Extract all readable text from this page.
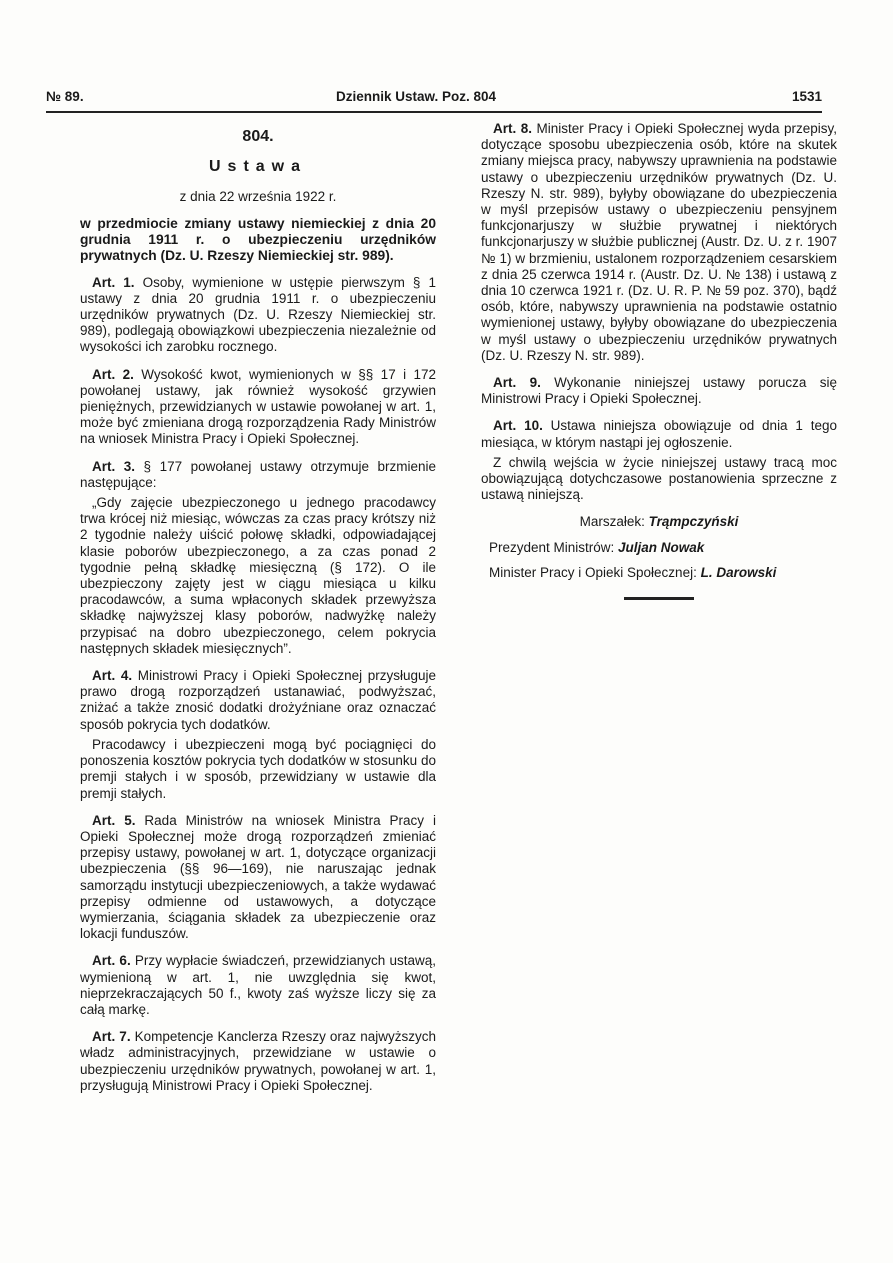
№ 89.	Dziennik Ustaw. Poz. 804	1531

804.

Ustawa

z dnia 22 września 1922 r.

w przedmiocie zmiany ustawy niemieckiej z dnia 20 grudnia 1911 r. o ubezpieczeniu urzędników prywatnych (Dz. U. Rzeszy Niemieckiej str. 989).

Art. 1. Osoby, wymienione w ustępie pierwszym § 1 ustawy z dnia 20 grudnia 1911 r. o ubezpieczeniu urzędników prywatnych (Dz. U. Rzeszy Niemieckiej str. 989), podlegają obowiązkowi ubezpieczenia niezależnie od wysokości ich zarobku rocznego.

Art. 2. Wysokość kwot, wymienionych w §§ 17 i 172 powołanej ustawy, jak również wysokość grzywien pieniężnych, przewidzianych w ustawie powołanej w art. 1, może być zmieniana drogą rozporządzenia Rady Ministrów na wniosek Ministra Pracy i Opieki Społecznej.

Art. 3. § 177 powołanej ustawy otrzymuje brzmienie następujące:

„Gdy zajęcie ubezpieczonego u jednego pracodawcy trwa krócej niż miesiąc, wówczas za czas pracy krótszy niż 2 tygodnie należy uiścić połowę składki, odpowiadającej klasie poborów ubezpieczonego, a za czas ponad 2 tygodnie pełną składkę miesięczną (§ 172). O ile ubezpieczony zajęty jest w ciągu miesiąca u kilku pracodawców, a suma wpłaconych składek przewyższa składkę najwyższej klasy poborów, nadwyżkę należy przypisać na dobro ubezpieczonego, celem pokrycia następnych składek miesięcznych”.

Art. 4. Ministrowi Pracy i Opieki Społecznej przysługuje prawo drogą rozporządzeń ustanawiać, podwyższać, zniżać a także znosić dodatki drożyźniane oraz oznaczać sposób pokrycia tych dodatków.

Pracodawcy i ubezpieczeni mogą być pociągnięci do ponoszenia kosztów pokrycia tych dodatków w stosunku do premji stałych i w sposób, przewidziany w ustawie dla premji stałych.

Art. 5. Rada Ministrów na wniosek Ministra Pracy i Opieki Społecznej może drogą rozporządzeń zmieniać przepisy ustawy, powołanej w art. 1, dotyczące organizacji ubezpieczenia (§§ 96—169), nie naruszając jednak samorządu instytucji ubezpieczeniowych, a także wydawać przepisy odmienne od ustawowych, a dotyczące wymierzania, ściągania składek za ubezpieczenie oraz lokacji funduszów.

Art. 6. Przy wypłacie świadczeń, przewidzianych ustawą, wymienioną w art. 1, nie uwzględnia się kwot, nieprzekraczających 50 f., kwoty zaś wyższe liczy się za całą markę.

Art. 7. Kompetencje Kanclerza Rzeszy oraz najwyższych władz administracyjnych, przewidziane w ustawie o ubezpieczeniu urzędników prywatnych, powołanej w art. 1, przysługują Ministrowi Pracy i Opieki Społecznej.

Art. 8. Minister Pracy i Opieki Społecznej wyda przepisy, dotyczące sposobu ubezpieczenia osób, które na skutek zmiany miejsca pracy, nabywszy uprawnienia na podstawie ustawy o ubezpieczeniu urzędników prywatnych (Dz. U. Rzeszy N. str. 989), byłyby obowiązane do ubezpieczenia w myśl przepisów ustawy o ubezpieczeniu pensyjnem funkcjonarjuszy w służbie prywatnej i niektórych funkcjonarjuszy w służbie publicznej (Austr. Dz. U. z r. 1907 № 1) w brzmieniu, ustalonem rozporządzeniem cesarskiem z dnia 25 czerwca 1914 r. (Austr. Dz. U. № 138) i ustawą z dnia 10 czerwca 1921 r. (Dz. U. R. P. № 59 poz. 370), bądź osób, które, nabywszy uprawnienia na podstawie ostatnio wymienionej ustawy, byłyby obowiązane do ubezpieczenia w myśl ustawy o ubezpieczeniu urzędników prywatnych (Dz. U. Rzeszy N. str. 989).

Art. 9. Wykonanie niniejszej ustawy porucza się Ministrowi Pracy i Opieki Społecznej.

Art. 10. Ustawa niniejsza obowiązuje od dnia 1 tego miesiąca, w którym nastąpi jej ogłoszenie.

Z chwilą wejścia w życie niniejszej ustawy tracą moc obowiązującą dotychczasowe postanowienia sprzeczne z ustawą niniejszą.

Marszałek: Trąmpczyński

Prezydent Ministrów: Juljan Nowak

Minister Pracy i Opieki Społecznej: L. Darowski
